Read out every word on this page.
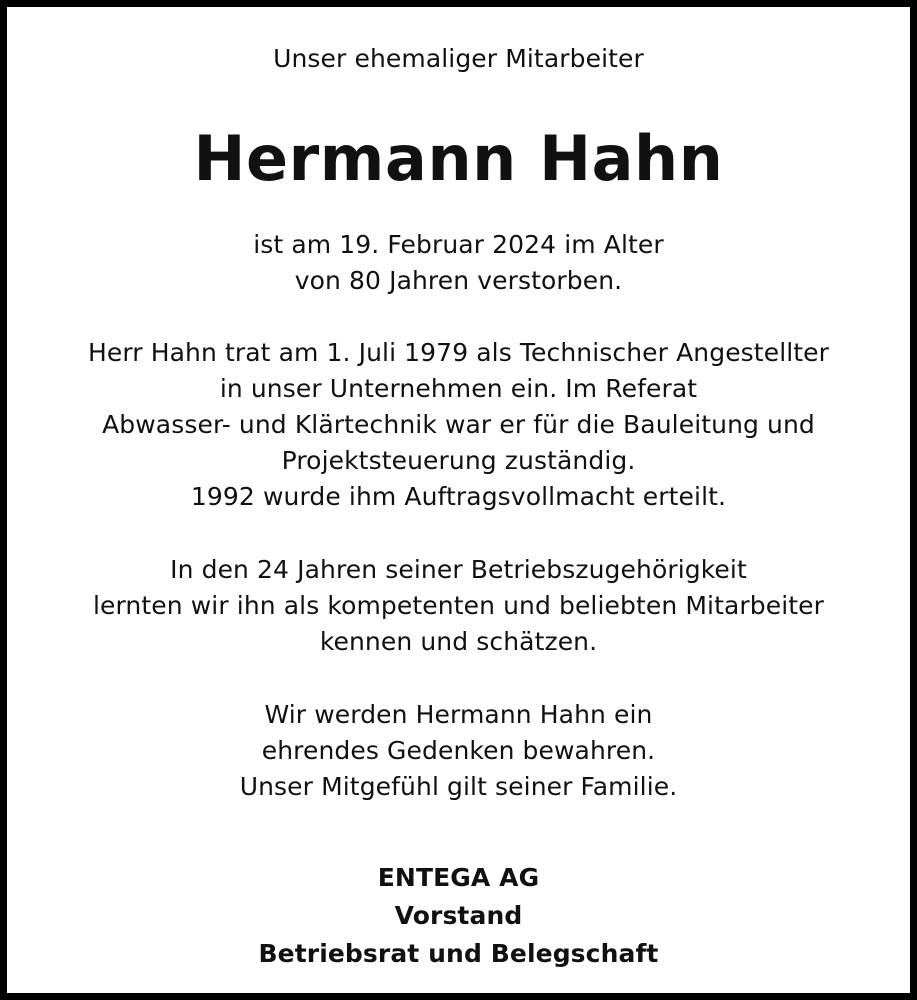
Unser ehemaliger Mitarbeiter
Hermann Hahn
ist am 19. Februar 2024 im Alter
von 80 Jahren verstorben.
Herr Hahn trat am 1. Juli 1979 als Technischer Angestellter
in unser Unternehmen ein. Im Referat
Abwasser- und Klärtechnik war er für die Bauleitung und
Projektsteuerung zuständig.
1992 wurde ihm Auftragsvollmacht erteilt.
In den 24 Jahren seiner Betriebszugehörigkeit
lernten wir ihn als kompetenten und beliebten Mitarbeiter
kennen und schätzen.
Wir werden Hermann Hahn ein
ehrendes Gedenken bewahren.
Unser Mitgefühl gilt seiner Familie.
ENTEGA AG
Vorstand
Betriebsrat und Belegschaft
